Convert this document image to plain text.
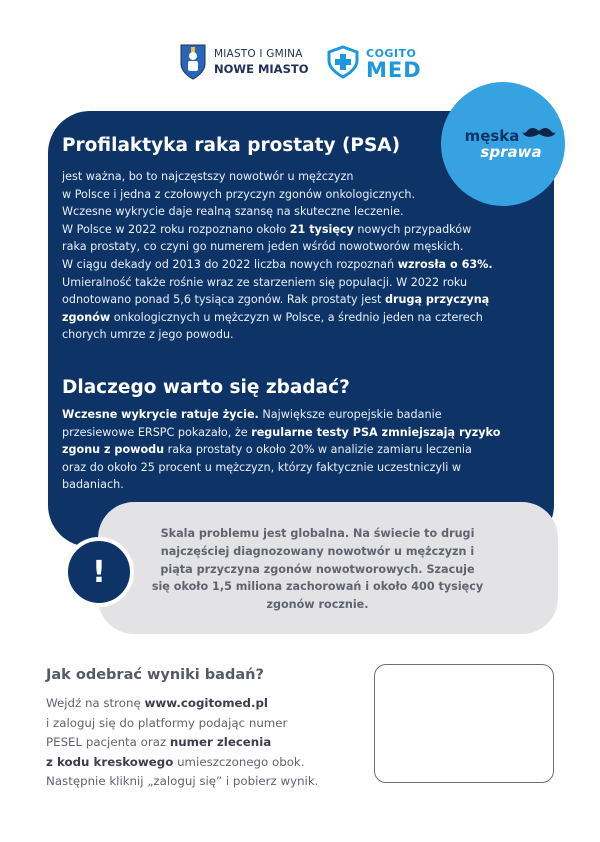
MIASTO I GMINA
NOWE MIASTO
COGITO
MED
męska
sprawa
Profilaktyka raka prostaty (PSA)
jest ważna, bo to najczęstszy nowotwór u mężczyzn
w Polsce i jedna z czołowych przyczyn zgonów onkologicznych.
Wczesne wykrycie daje realną szansę na skuteczne leczenie.
W Polsce w 2022 roku rozpoznano około 21 tysięcy nowych przypadków
raka prostaty, co czyni go numerem jeden wśród nowotworów męskich.
W ciągu dekady od 2013 do 2022 liczba nowych rozpoznań wzrosła o 63%.
Umieralność także rośnie wraz ze starzeniem się populacji. W 2022 roku
odnotowano ponad 5,6 tysiąca zgonów. Rak prostaty jest drugą przyczyną
zgonów onkologicznych u mężczyzn w Polsce, a średnio jeden na czterech
chorych umrze z jego powodu.
Dlaczego warto się zbadać?
Wczesne wykrycie ratuje życie. Największe europejskie badanie
przesiewowe ERSPC pokazało, że regularne testy PSA zmniejszają ryzyko
zgonu z powodu raka prostaty o około 20% w analizie zamiaru leczenia
oraz do około 25 procent u mężczyzn, którzy faktycznie uczestniczyli w
badaniach.
Skala problemu jest globalna. Na świecie to drugi
najczęściej diagnozowany nowotwór u mężczyzn i
piąta przyczyna zgonów nowotworowych. Szacuje
się około 1,5 miliona zachorowań i około 400 tysięcy
zgonów rocznie.
!
Jak odebrać wyniki badań?
Wejdź na stronę www.cogitomed.pl
i zaloguj się do platformy podając numer
PESEL pacjenta oraz numer zlecenia
z kodu kreskowego umieszczonego obok.
Następnie kliknij „zaloguj się” i pobierz wynik.
